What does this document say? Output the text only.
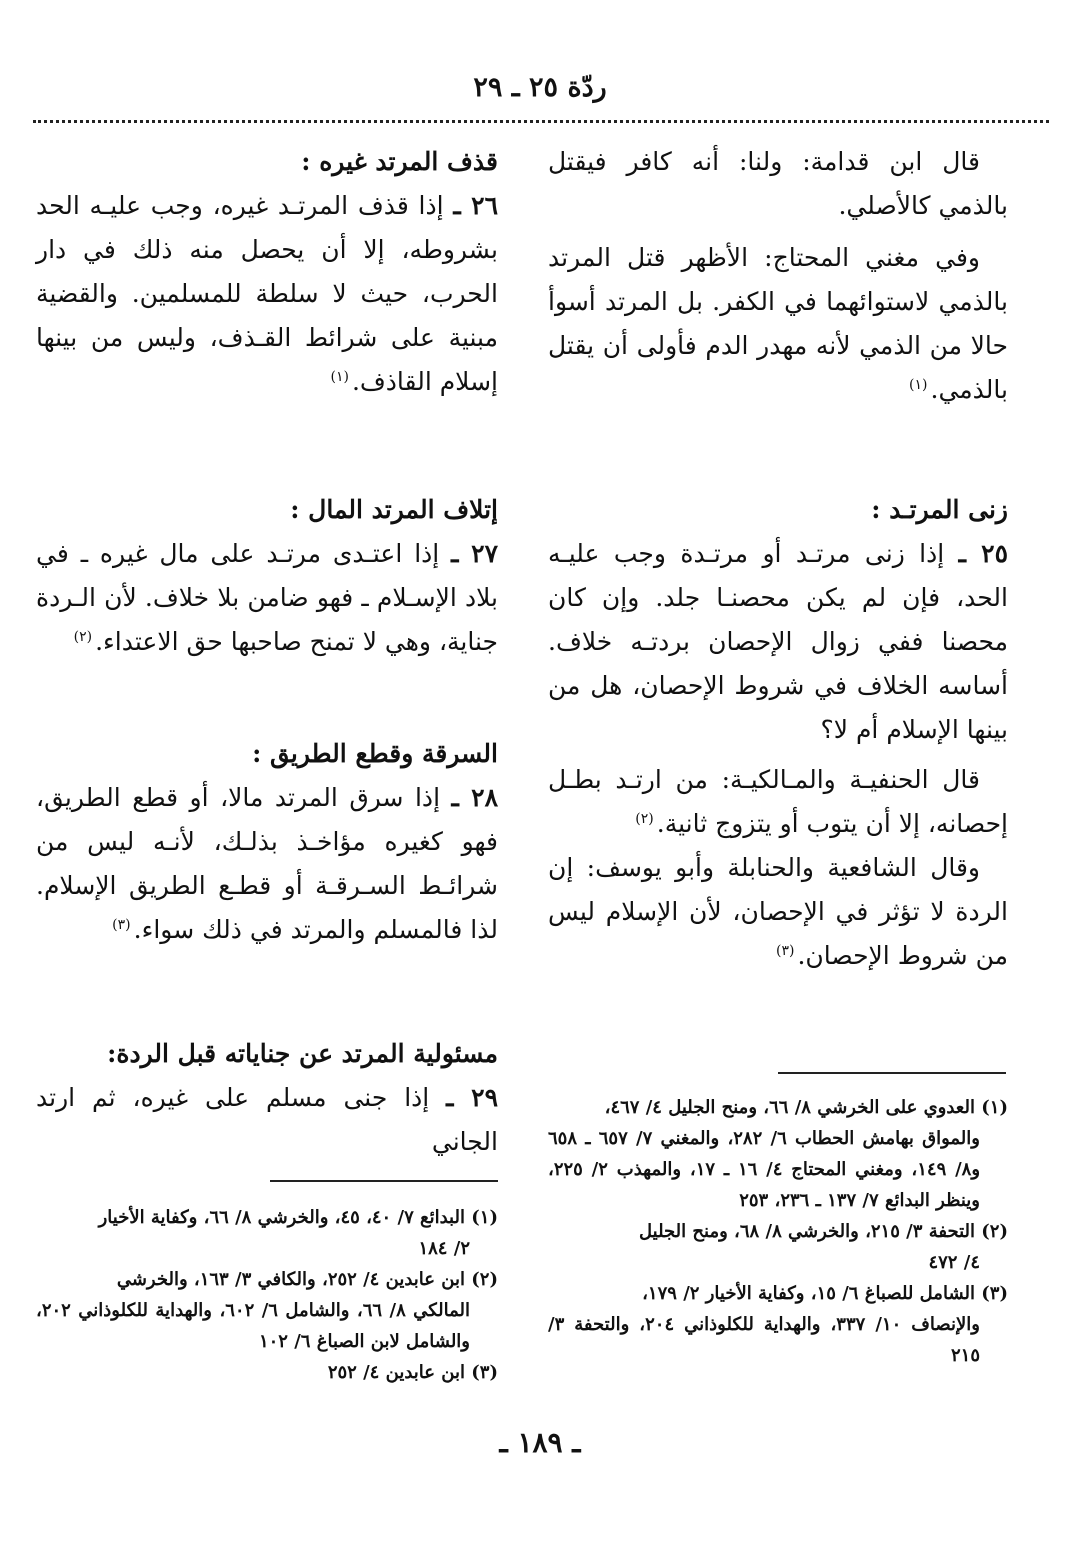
ردّة ٢٥ ـ ٢٩

قال ابن قدامة: ولنا: أنه كافر فيقتل بالذمي كالأصلي.

وفي مغني المحتاج: الأظهر قتل المرتد بالذمي لاستوائهما في الكفر. بل المرتد أسوأ حالا من الذمي لأنه مهدر الدم فأولى أن يقتل بالذمي.$^{(١)}$

زنى المرتـد :

٢٥ ـ إذا زنى مرتـد أو مرتـدة وجب عليـه الحد، فإن لم يكن محصنـا جلد. وإن كان محصنا ففي زوال الإحصان بردتـه خلاف. أساسه الخلاف في شروط الإحصان، هل من بينها الإسلام أم لا؟

قال الحنفيـة والمـالكيـة: من ارتـد بطـل إحصانه، إلا أن يتوب أو يتزوج ثانية.$^{(٢)}$

وقال الشافعية والحنابلة وأبو يوسف: إن الردة لا تؤثر في الإحصان، لأن الإسلام ليس من شروط الإحصان.$^{(٣)}$

(١) العدوي على الخرشي ٨/ ٦٦، ومنح الجليل ٤/ ٤٦٧،

والمواق بهامش الحطاب ٦/ ٢٨٢، والمغني ٧/ ٦٥٧ ـ ٦٥٨ و٨/ ١٤٩، ومغني المحتاج ٤/ ١٦ ـ ١٧، والمهذب ٢/ ٢٢٥، وينظر البدائع ٧/ ١٣٧ ـ ٢٣٦، ٢٥٣

(٢) التحفة ٣/ ٢١٥، والخرشي ٨/ ٦٨، ومنح الجليل

٤/ ٤٧٢

(٣) الشامل للصباغ ٦/ ١٥، وكفاية الأخيار ٢/ ١٧٩،

والإنصاف ١٠/ ٣٣٧، والهداية للكلوذاني ٢٠٤، والتحفة ٣/ ٢١٥

قذف المرتد غيره :

٢٦ ـ إذا قذف المرتـد غيره، وجب عليـه الحد بشروطه، إلا أن يحصل منه ذلك في دار الحرب، حيث لا سلطة للمسلمين. والقضية مبنية على شرائط القـذف، وليس من بينها إسلام القاذف.$^{(١)}$

إتلاف المرتد المال :

٢٧ ـ إذا اعتـدى مرتـد على مال غيره ـ في بلاد الإسـلام ـ فهو ضامن بلا خلاف. لأن الـردة جناية، وهي لا تمنح صاحبها حق الاعتداء.$^{(٢)}$

السرقة وقطع الطريق :

٢٨ ـ إذا سرق المرتد مالا، أو قطع الطريق، فهو كغيره مؤاخـذ بذلـك، لأنـه ليس من شرائـط السـرقـة أو قطـع الطريق الإسلام. لذا فالمسلم والمرتد في ذلك سواء.$^{(٣)}$

مسئولية المرتد عن جناياته قبل الردة:

٢٩ ـ إذا جنى مسلم على غيره، ثم ارتد الجاني

(١) البدائع ٧/ ٤٠، ٤٥، والخرشي ٨/ ٦٦، وكفاية الأخيار

٢/ ١٨٤

(٢) ابن عابدين ٤/ ٢٥٢، والكافي ٣/ ١٦٣، والخرشي

المالكي ٨/ ٦٦، والشامل ٦/ ٦٠٢، والهداية للكلوذاني ٢٠٢، والشامل لابن الصباغ ٦/ ١٠٢

(٣) ابن عابدين ٤/ ٢٥٢

ـ ١٨٩ ـ
